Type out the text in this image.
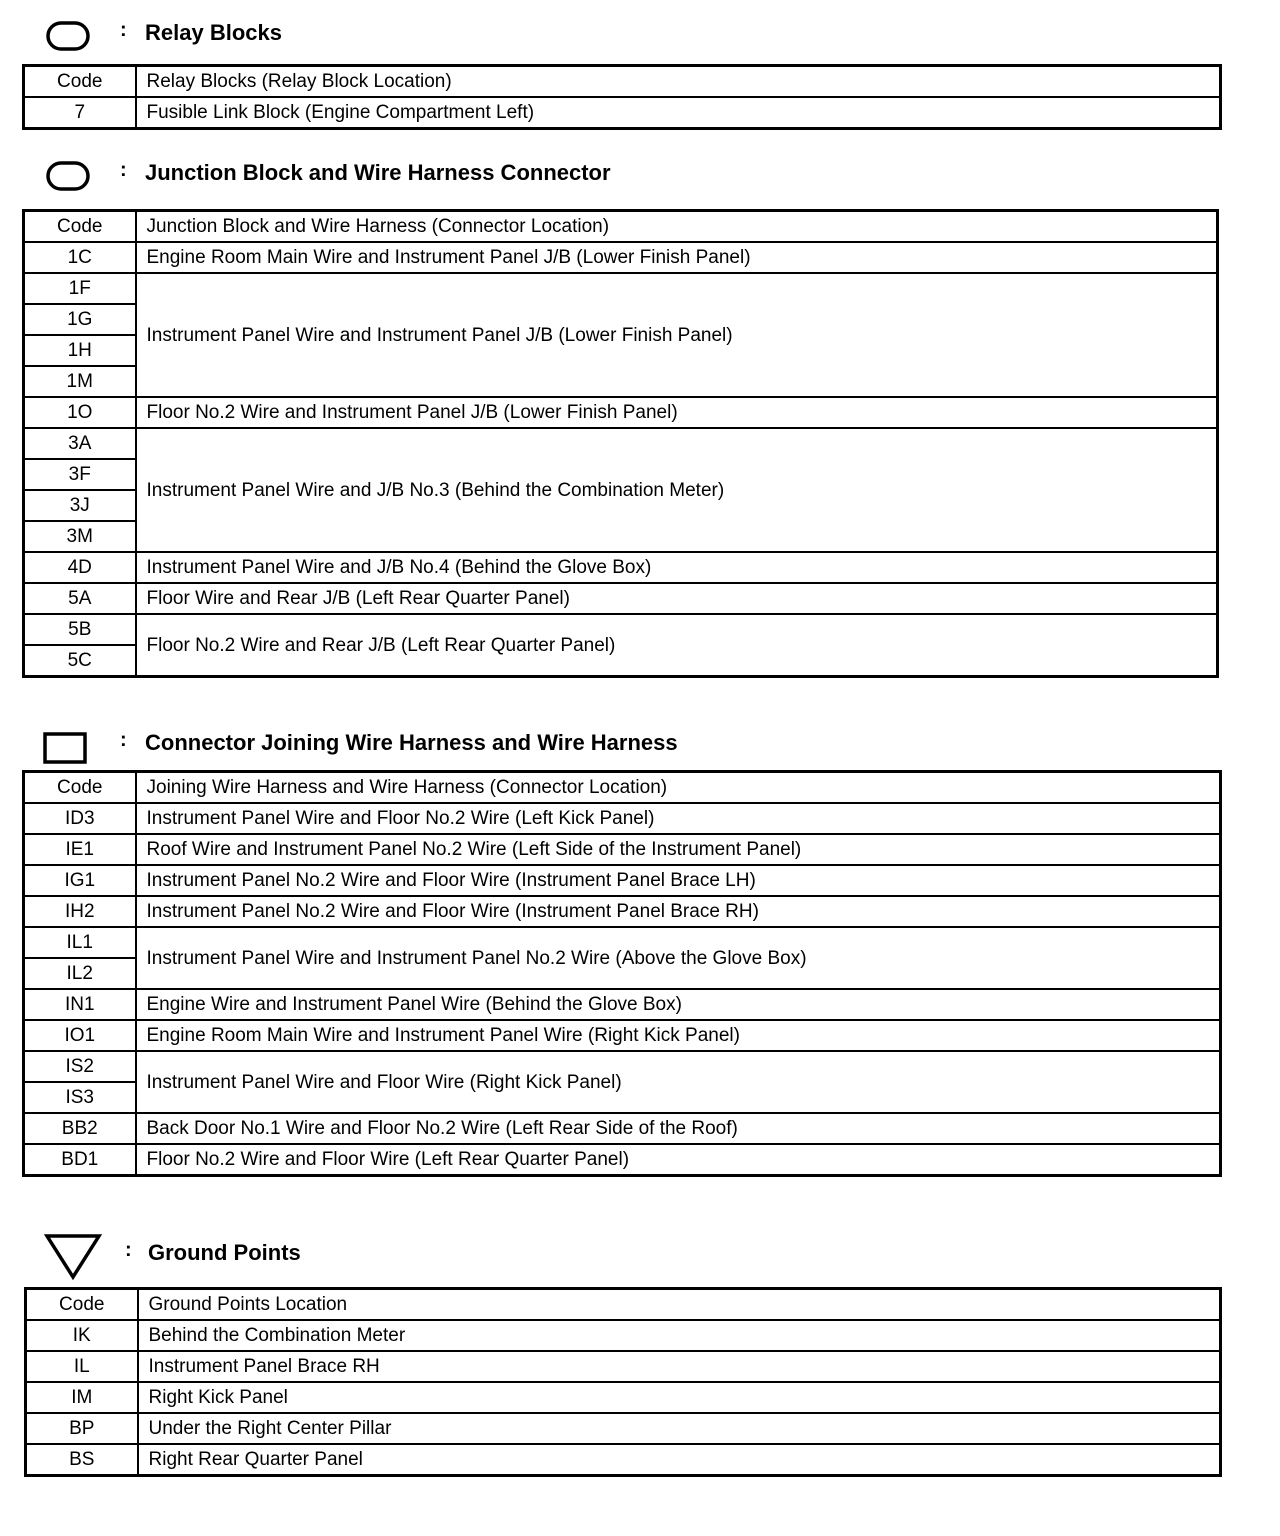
: Relay Blocks
Code	Relay Blocks (Relay Block Location)
7	Fusible Link Block (Engine Compartment Left)
: Junction Block and Wire Harness Connector
Code	Junction Block and Wire Harness (Connector Location)
1C	Engine Room Main Wire and Instrument Panel J/B (Lower Finish Panel)
1F	Instrument Panel Wire and Instrument Panel J/B (Lower Finish Panel)
1G	
1H	
1M	
1O	Floor No.2 Wire and Instrument Panel J/B (Lower Finish Panel)
3A	Instrument Panel Wire and J/B No.3 (Behind the Combination Meter)
3F	
3J	
3M	
4D	Instrument Panel Wire and J/B No.4 (Behind the Glove Box)
5A	Floor Wire and Rear J/B (Left Rear Quarter Panel)
5B	Floor No.2 Wire and Rear J/B (Left Rear Quarter Panel)
5C	
: Connector Joining Wire Harness and Wire Harness
Code	Joining Wire Harness and Wire Harness (Connector Location)
ID3	Instrument Panel Wire and Floor No.2 Wire (Left Kick Panel)
IE1	Roof Wire and Instrument Panel No.2 Wire (Left Side of the Instrument Panel)
IG1	Instrument Panel No.2 Wire and Floor Wire (Instrument Panel Brace LH)
IH2	Instrument Panel No.2 Wire and Floor Wire (Instrument Panel Brace RH)
IL1	Instrument Panel Wire and Instrument Panel No.2 Wire (Above the Glove Box)
IL2	
IN1	Engine Wire and Instrument Panel Wire (Behind the Glove Box)
IO1	Engine Room Main Wire and Instrument Panel Wire (Right Kick Panel)
IS2	Instrument Panel Wire and Floor Wire (Right Kick Panel)
IS3	
BB2	Back Door No.1 Wire and Floor No.2 Wire (Left Rear Side of the Roof)
BD1	Floor No.2 Wire and Floor Wire (Left Rear Quarter Panel)
: Ground Points
Code	Ground Points Location
IK	Behind the Combination Meter
IL	Instrument Panel Brace RH
IM	Right Kick Panel
BP	Under the Right Center Pillar
BS	Right Rear Quarter Panel
